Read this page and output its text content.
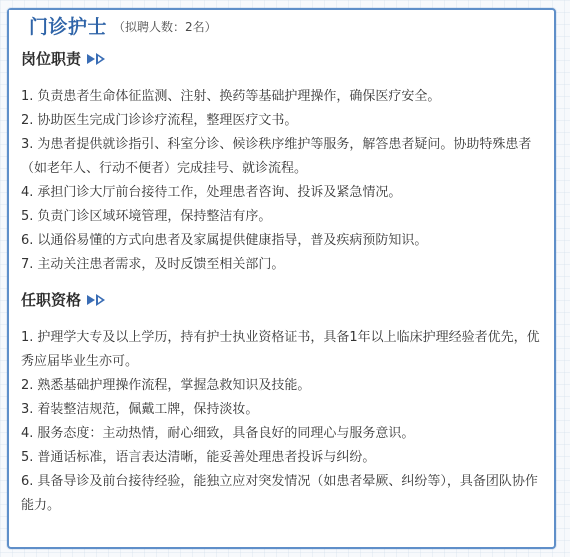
门诊护士 （拟聘人数：2名）
岗位职责
1. 负责患者生命体征监测、注射、换药等基础护理操作，确保医疗安全。
2. 协助医生完成门诊诊疗流程，整理医疗文书。
3. 为患者提供就诊指引、科室分诊、候诊秩序维护等服务，解答患者疑问。协助特殊患者（如老年人、行动不便者）完成挂号、就诊流程。
4. 承担门诊大厅前台接待工作，处理患者咨询、投诉及紧急情况。
5. 负责门诊区域环境管理，保持整洁有序。
6. 以通俗易懂的方式向患者及家属提供健康指导，普及疾病预防知识。
7. 主动关注患者需求，及时反馈至相关部门。
任职资格
1. 护理学大专及以上学历，持有护士执业资格证书，具备1年以上临床护理经验者优先，优秀应届毕业生亦可。
2. 熟悉基础护理操作流程，掌握急救知识及技能。
3. 着装整洁规范，佩戴工牌，保持淡妆。
4. 服务态度：主动热情，耐心细致，具备良好的同理心与服务意识。
5. 普通话标准，语言表达清晰，能妥善处理患者投诉与纠纷。
6. 具备导诊及前台接待经验，能独立应对突发情况（如患者晕厥、纠纷等），具备团队协作能力。
